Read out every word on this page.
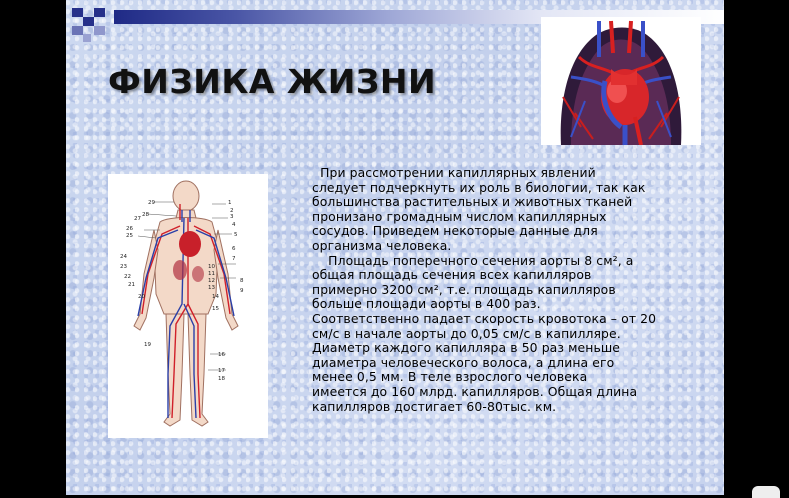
ФИЗИКА ЖИЗНИ
29
28
27
26
25
24
23
22
21
20
19
1
2
3
4
5
6
7
8
9
10
11
12
13
14
15
16
17
18

При рассмотрении капиллярных явлений

следует подчеркнуть их роль в биологии, так как

большинства растительных и животных тканей

пронизано громадным числом капиллярных

сосудов. Приведем некоторые данные для

организма человека.

Площадь поперечного сечения аорты 8 см², а

общая площадь сечения всех капилляров

примерно 3200 см², т.е. площадь капилляров

больше площади аорты в 400 раз.

Соответственно падает скорость кровотока – от 20

см/с в начале аорты до 0,05 см/с в капилляре.

Диаметр каждого капилляра в 50 раз меньше

диаметра человеческого волоса, а длина его

менее 0,5 мм. В теле взрослого человека

имеется до 160 млрд. капилляров. Общая длина

капилляров достигает 60-80тыс. км.
